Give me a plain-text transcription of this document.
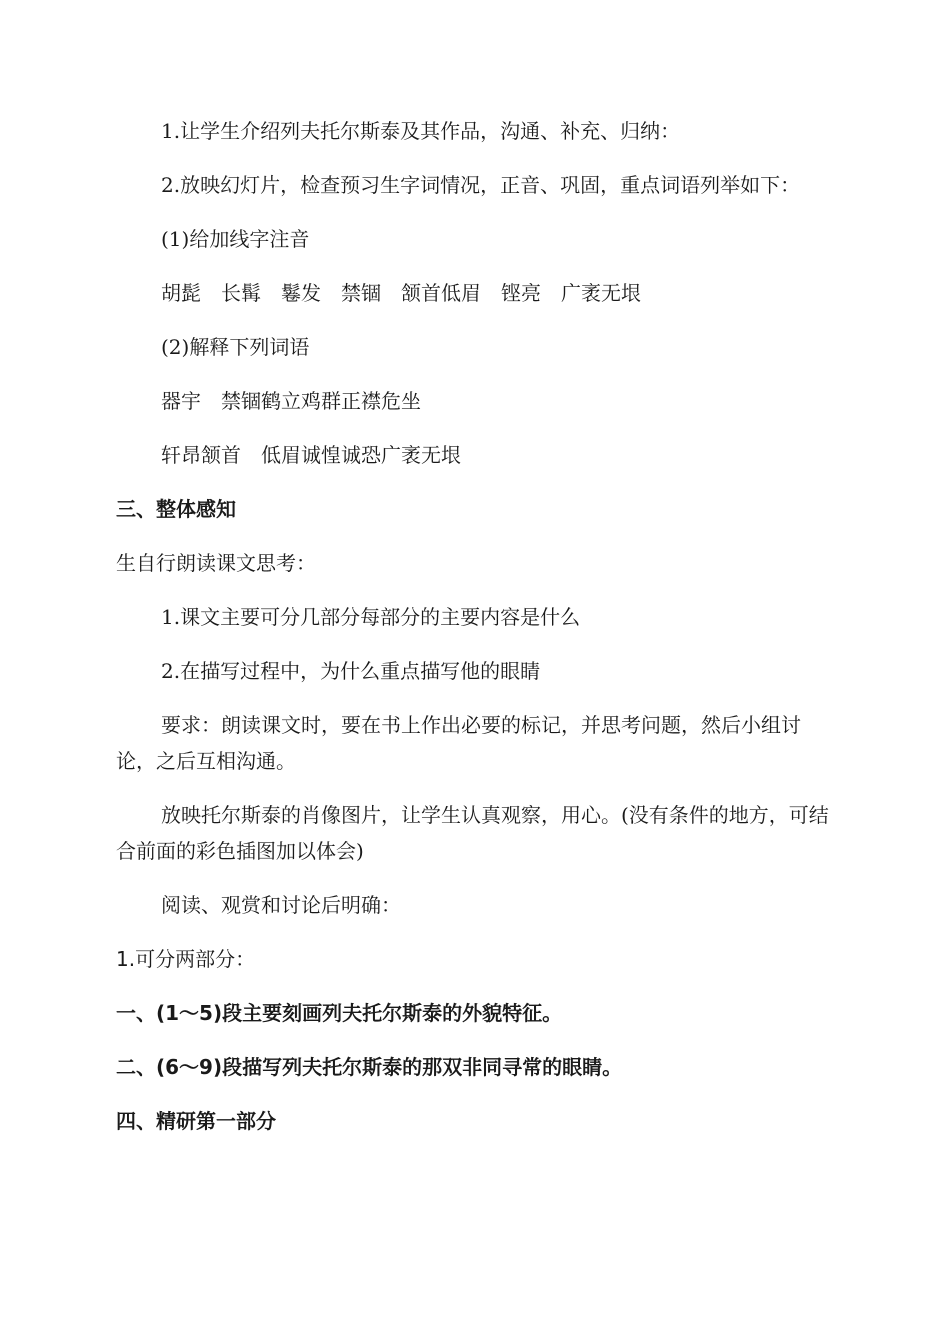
1.让学生介绍列夫托尔斯泰及其作品，沟通、补充、归纳：

2.放映幻灯片，检查预习生字词情况，正音、巩固，重点词语列举如下：

(1)给加线字注音

胡髭　长髯　鬈发　禁锢　颔首低眉　铿亮　广袤无垠

(2)解释下列词语

器宇　禁锢鹤立鸡群正襟危坐

轩昂颔首　低眉诚惶诚恐广袤无垠

三、整体感知

生自行朗读课文思考：

1.课文主要可分几部分每部分的主要内容是什么

2.在描写过程中，为什么重点描写他的眼睛

要求：朗读课文时，要在书上作出必要的标记，并思考问题，然后小组讨论，之后互相沟通。

放映托尔斯泰的肖像图片，让学生认真观察，用心。(没有条件的地方，可结合前面的彩色插图加以体会)

阅读、观赏和讨论后明确：

1.可分两部分：

一、(1～5)段主要刻画列夫托尔斯泰的外貌特征。

二、(6～9)段描写列夫托尔斯泰的那双非同寻常的眼睛。

四、精研第一部分
